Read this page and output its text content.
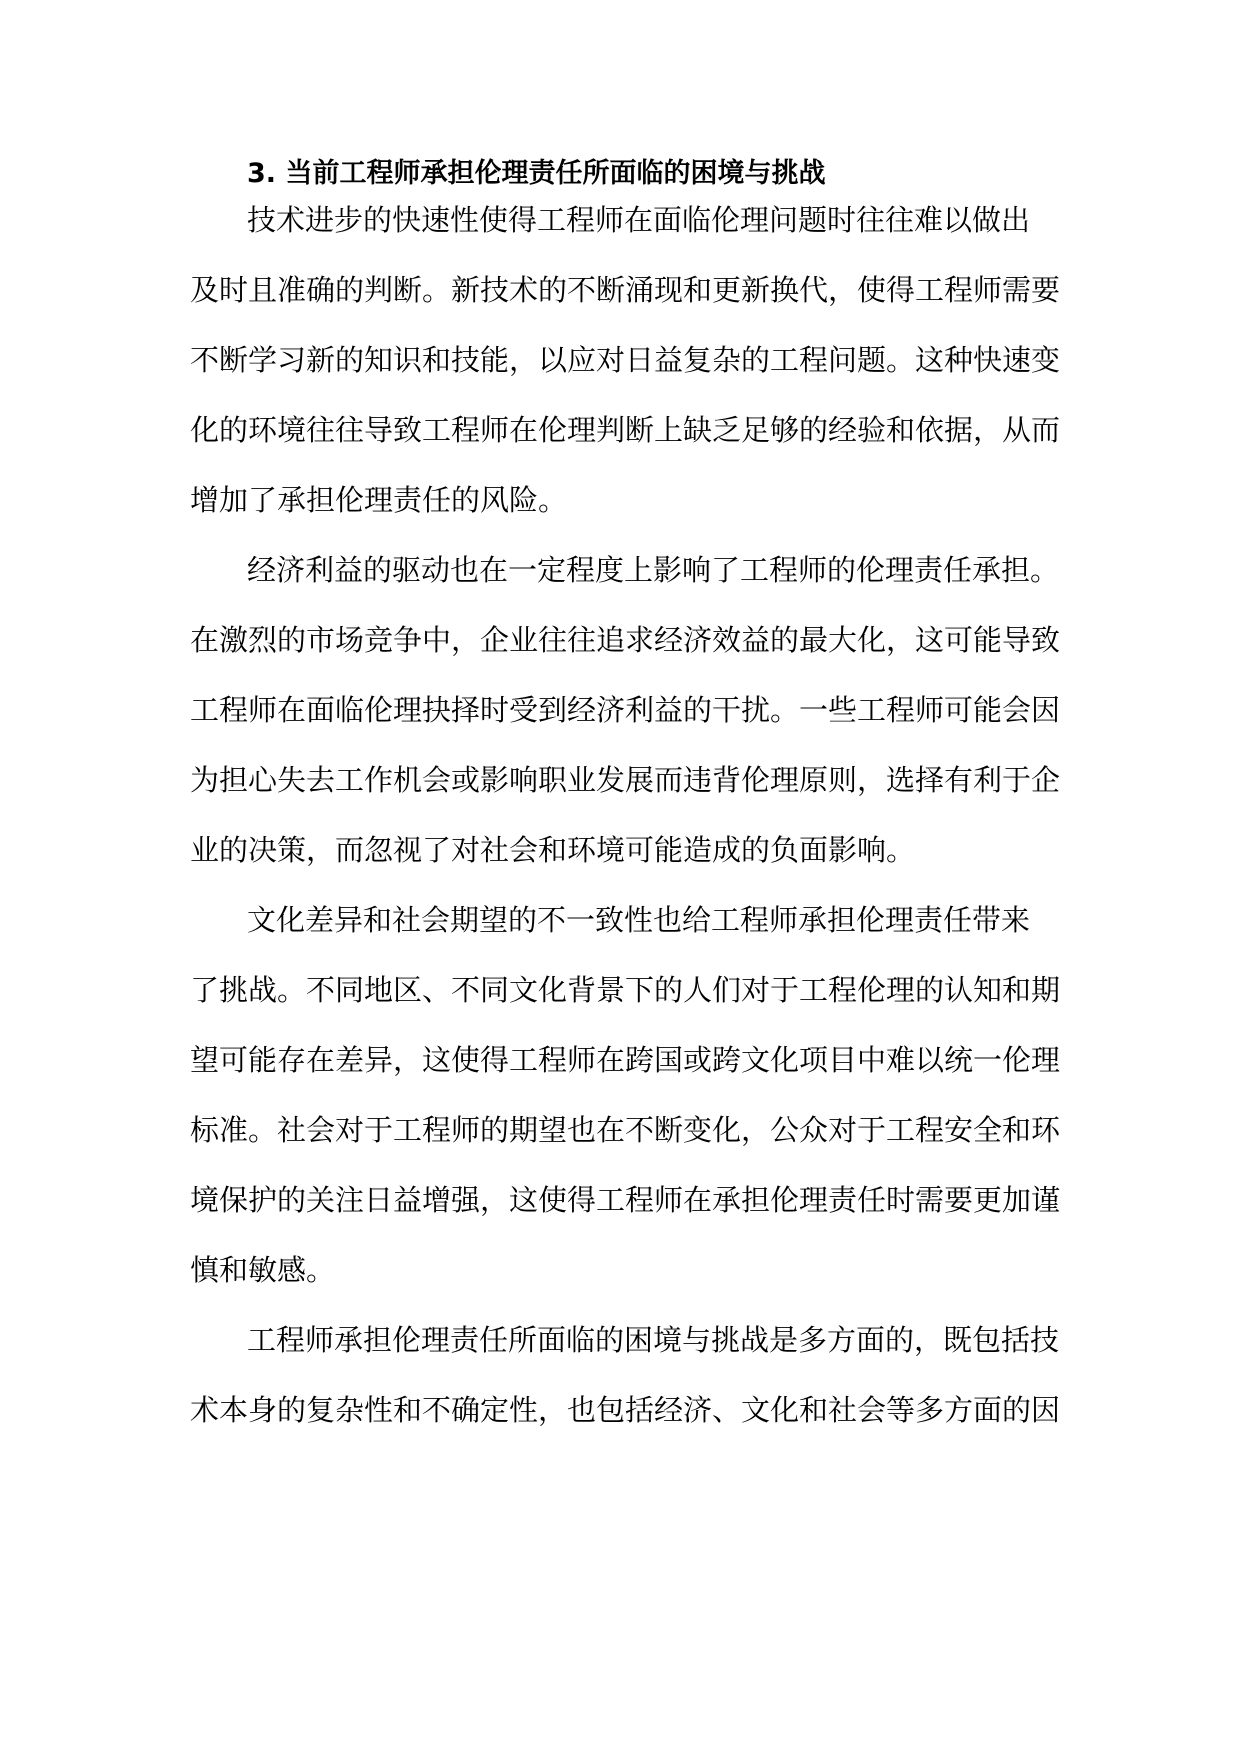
3. 当前工程师承担伦理责任所面临的困境与挑战

技术进步的快速性使得工程师在面临伦理问题时往往难以做出

及时且准确的判断。新技术的不断涌现和更新换代，使得工程师需要

不断学习新的知识和技能，以应对日益复杂的工程问题。这种快速变

化的环境往往导致工程师在伦理判断上缺乏足够的经验和依据，从而

增加了承担伦理责任的风险。

经济利益的驱动也在一定程度上影响了工程师的伦理责任承担。

在激烈的市场竞争中，企业往往追求经济效益的最大化，这可能导致

工程师在面临伦理抉择时受到经济利益的干扰。一些工程师可能会因

为担心失去工作机会或影响职业发展而违背伦理原则，选择有利于企

业的决策，而忽视了对社会和环境可能造成的负面影响。

文化差异和社会期望的不一致性也给工程师承担伦理责任带来

了挑战。不同地区、不同文化背景下的人们对于工程伦理的认知和期

望可能存在差异，这使得工程师在跨国或跨文化项目中难以统一伦理

标准。社会对于工程师的期望也在不断变化，公众对于工程安全和环

境保护的关注日益增强，这使得工程师在承担伦理责任时需要更加谨

慎和敏感。

工程师承担伦理责任所面临的困境与挑战是多方面的，既包括技

术本身的复杂性和不确定性，也包括经济、文化和社会等多方面的因
